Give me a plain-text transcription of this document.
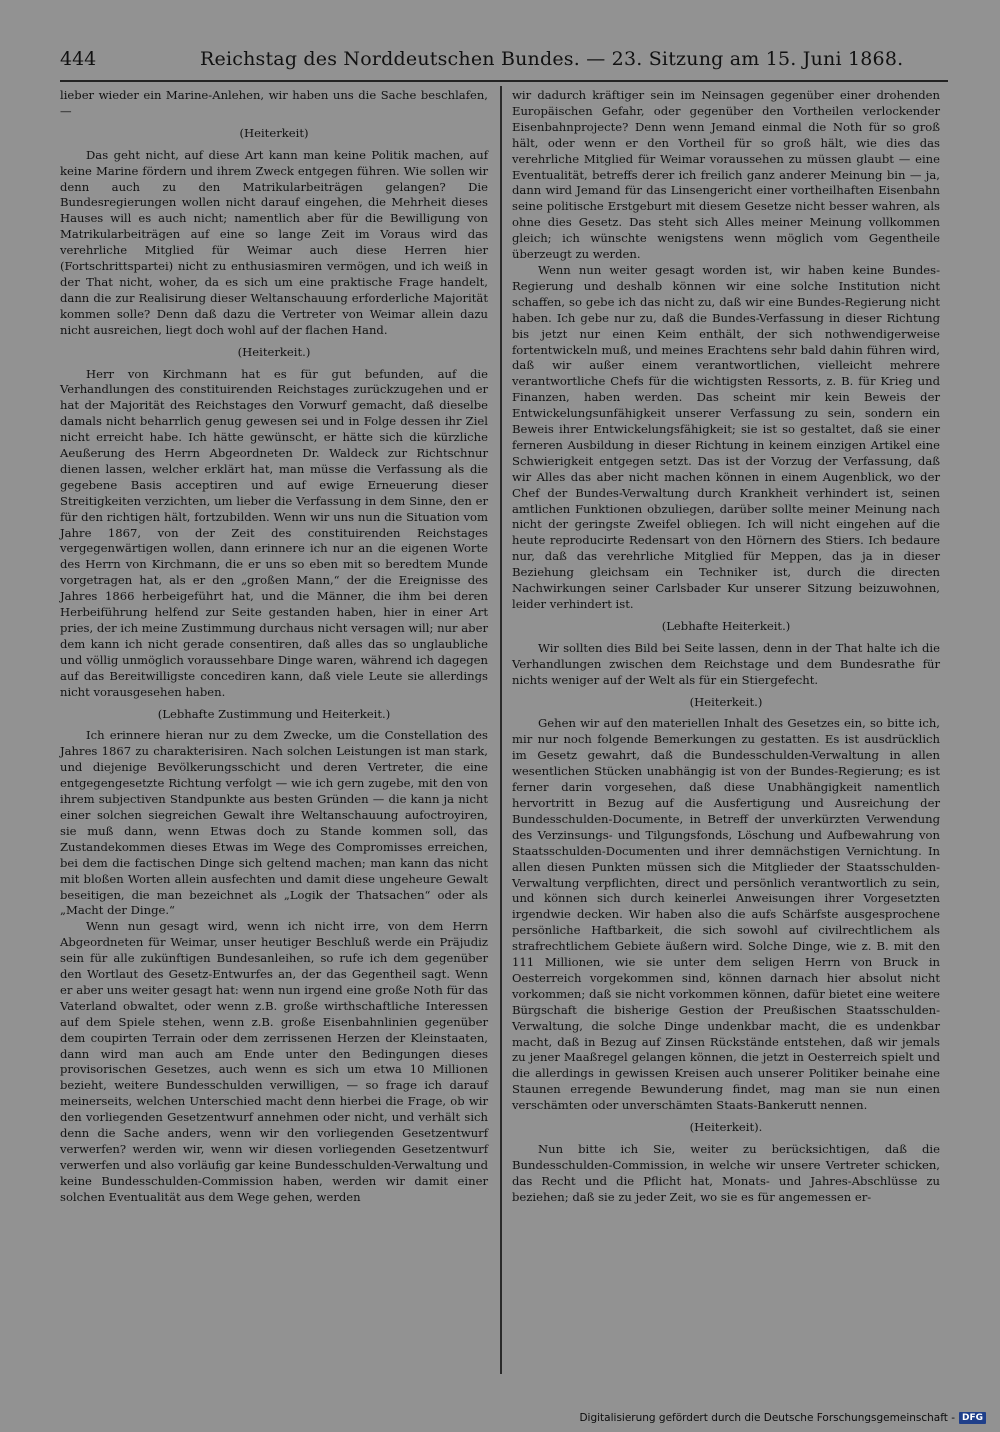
444	Reichstag des Norddeutschen Bundes. — 23. Sitzung am 15. Juni 1868.

lieber wieder ein Marine-Anlehen, wir haben uns die Sache beschlafen, —

(Heiterkeit)

Das geht nicht, auf diese Art kann man keine Politik machen, auf keine Marine fördern und ihrem Zweck entgegen führen. Wie sollen wir denn auch zu den Matrikularbeiträgen gelangen? Die Bundesregierungen wollen nicht darauf eingehen, die Mehrheit dieses Hauses will es auch nicht; namentlich aber für die Bewilligung von Matrikularbeiträgen auf eine so lange Zeit im Voraus wird das verehrliche Mitglied für Weimar auch diese Herren hier (Fortschrittspartei) nicht zu enthusiasmiren vermögen, und ich weiß in der That nicht, woher, da es sich um eine praktische Frage handelt, dann die zur Realisirung dieser Weltanschauung erforderliche Majorität kommen solle? Denn daß dazu die Vertreter von Weimar allein dazu nicht ausreichen, liegt doch wohl auf der flachen Hand.

(Heiterkeit.)

Herr von Kirchmann hat es für gut befunden, auf die Verhandlungen des constituirenden Reichstages zurückzugehen und er hat der Majorität des Reichstages den Vorwurf gemacht, daß dieselbe damals nicht beharrlich genug gewesen sei und in Folge dessen ihr Ziel nicht erreicht habe. Ich hätte gewünscht, er hätte sich die kürzliche Aeußerung des Herrn Abgeordneten Dr. Waldeck zur Richtschnur dienen lassen, welcher erklärt hat, man müsse die Verfassung als die gegebene Basis acceptiren und auf ewige Erneuerung dieser Streitigkeiten verzichten, um lieber die Verfassung in dem Sinne, den er für den richtigen hält, fortzubilden. Wenn wir uns nun die Situation vom Jahre 1867, von der Zeit des constituirenden Reichstages vergegenwärtigen wollen, dann erinnere ich nur an die eigenen Worte des Herrn von Kirchmann, die er uns so eben mit so beredtem Munde vorgetragen hat, als er den „großen Mann,“ der die Ereignisse des Jahres 1866 herbeigeführt hat, und die Männer, die ihm bei deren Herbeiführung helfend zur Seite gestanden haben, hier in einer Art pries, der ich meine Zustimmung durchaus nicht versagen will; nur aber dem kann ich nicht gerade consentiren, daß alles das so unglaubliche und völlig unmöglich voraussehbare Dinge waren, während ich dagegen auf das Bereitwilligste concediren kann, daß viele Leute sie allerdings nicht vorausgesehen haben.

(Lebhafte Zustimmung und Heiterkeit.)

Ich erinnere hieran nur zu dem Zwecke, um die Constellation des Jahres 1867 zu charakterisiren. Nach solchen Leistungen ist man stark, und diejenige Bevölkerungsschicht und deren Vertreter, die eine entgegengesetzte Richtung verfolgt — wie ich gern zugebe, mit den von ihrem subjectiven Standpunkte aus besten Gründen — die kann ja nicht einer solchen siegreichen Gewalt ihre Weltanschauung aufoctroyiren, sie muß dann, wenn Etwas doch zu Stande kommen soll, das Zustandekommen dieses Etwas im Wege des Compromisses erreichen, bei dem die factischen Dinge sich geltend machen; man kann das nicht mit bloßen Worten allein ausfechten und damit diese ungeheure Gewalt beseitigen, die man bezeichnet als „Logik der Thatsachen“ oder als „Macht der Dinge.“

Wenn nun gesagt wird, wenn ich nicht irre, von dem Herrn Abgeordneten für Weimar, unser heutiger Beschluß werde ein Präjudiz sein für alle zukünftigen Bundesanleihen, so rufe ich dem gegenüber den Wortlaut des Gesetz-Entwurfes an, der das Gegentheil sagt. Wenn er aber uns weiter gesagt hat: wenn nun irgend eine große Noth für das Vaterland obwaltet, oder wenn z.B. große wirthschaftliche Interessen auf dem Spiele stehen, wenn z.B. große Eisenbahnlinien gegenüber dem coupirten Terrain oder dem zerrissenen Herzen der Kleinstaaten, dann wird man auch am Ende unter den Bedingungen dieses provisorischen Gesetzes, auch wenn es sich um etwa 10 Millionen bezieht, weitere Bundesschulden verwilligen, — so frage ich darauf meinerseits, welchen Unterschied macht denn hierbei die Frage, ob wir den vorliegenden Gesetzentwurf annehmen oder nicht, und verhält sich denn die Sache anders, wenn wir den vorliegenden Gesetzentwurf verwerfen? werden wir, wenn wir diesen vorliegenden Gesetzentwurf verwerfen und also vorläufig gar keine Bundesschulden-Verwaltung und keine Bundesschulden-Commission haben, werden wir damit einer solchen Eventualität aus dem Wege gehen, werden

wir dadurch kräftiger sein im Neinsagen gegenüber einer drohenden Europäischen Gefahr, oder gegenüber den Vortheilen verlockender Eisenbahnprojecte? Denn wenn Jemand einmal die Noth für so groß hält, oder wenn er den Vortheil für so groß hält, wie dies das verehrliche Mitglied für Weimar voraussehen zu müssen glaubt — eine Eventualität, betreffs derer ich freilich ganz anderer Meinung bin — ja, dann wird Jemand für das Linsengericht einer vortheilhaften Eisenbahn seine politische Erstgeburt mit diesem Gesetze nicht besser wahren, als ohne dies Gesetz. Das steht sich Alles meiner Meinung vollkommen gleich; ich wünschte wenigstens wenn möglich vom Gegentheile überzeugt zu werden.

Wenn nun weiter gesagt worden ist, wir haben keine Bundes-Regierung und deshalb können wir eine solche Institution nicht schaffen, so gebe ich das nicht zu, daß wir eine Bundes-Regierung nicht haben. Ich gebe nur zu, daß die Bundes-Verfassung in dieser Richtung bis jetzt nur einen Keim enthält, der sich nothwendigerweise fortentwickeln muß, und meines Erachtens sehr bald dahin führen wird, daß wir außer einem verantwortlichen, vielleicht mehrere verantwortliche Chefs für die wichtigsten Ressorts, z. B. für Krieg und Finanzen, haben werden. Das scheint mir kein Beweis der Entwickelungsunfähigkeit unserer Verfassung zu sein, sondern ein Beweis ihrer Entwickelungsfähigkeit; sie ist so gestaltet, daß sie einer ferneren Ausbildung in dieser Richtung in keinem einzigen Artikel eine Schwierigkeit entgegen setzt. Das ist der Vorzug der Verfassung, daß wir Alles das aber nicht machen können in einem Augenblick, wo der Chef der Bundes-Verwaltung durch Krankheit verhindert ist, seinen amtlichen Funktionen obzuliegen, darüber sollte meiner Meinung nach nicht der geringste Zweifel obliegen. Ich will nicht eingehen auf die heute reproducirte Redensart von den Hörnern des Stiers. Ich bedaure nur, daß das verehrliche Mitglied für Meppen, das ja in dieser Beziehung gleichsam ein Techniker ist, durch die directen Nachwirkungen seiner Carlsbader Kur unserer Sitzung beizuwohnen, leider verhindert ist.

(Lebhafte Heiterkeit.)

Wir sollten dies Bild bei Seite lassen, denn in der That halte ich die Verhandlungen zwischen dem Reichstage und dem Bundesrathe für nichts weniger auf der Welt als für ein Stiergefecht.

(Heiterkeit.)

Gehen wir auf den materiellen Inhalt des Gesetzes ein, so bitte ich, mir nur noch folgende Bemerkungen zu gestatten. Es ist ausdrücklich im Gesetz gewahrt, daß die Bundesschulden-Verwaltung in allen wesentlichen Stücken unabhängig ist von der Bundes-Regierung; es ist ferner darin vorgesehen, daß diese Unabhängigkeit namentlich hervortritt in Bezug auf die Ausfertigung und Ausreichung der Bundesschulden-Documente, in Betreff der unverkürzten Verwendung des Verzinsungs- und Tilgungsfonds, Löschung und Aufbewahrung von Staatsschulden-Documenten und ihrer demnächstigen Vernichtung. In allen diesen Punkten müssen sich die Mitglieder der Staatsschulden-Verwaltung verpflichten, direct und persönlich verantwortlich zu sein, und können sich durch keinerlei Anweisungen ihrer Vorgesetzten irgendwie decken. Wir haben also die aufs Schärfste ausgesprochene persönliche Haftbarkeit, die sich sowohl auf civilrechtlichem als strafrechtlichem Gebiete äußern wird. Solche Dinge, wie z. B. mit den 111 Millionen, wie sie unter dem seligen Herrn von Bruck in Oesterreich vorgekommen sind, können darnach hier absolut nicht vorkommen; daß sie nicht vorkommen können, dafür bietet eine weitere Bürgschaft die bisherige Gestion der Preußischen Staatsschulden-Verwaltung, die solche Dinge undenkbar macht, die es undenkbar macht, daß in Bezug auf Zinsen Rückstände entstehen, daß wir jemals zu jener Maaßregel gelangen können, die jetzt in Oesterreich spielt und die allerdings in gewissen Kreisen auch unserer Politiker beinahe eine Staunen erregende Bewunderung findet, mag man sie nun einen verschämten oder unverschämten Staats-Bankerutt nennen.

(Heiterkeit).

Nun bitte ich Sie, weiter zu berücksichtigen, daß die Bundesschulden-Commission, in welche wir unsere Vertreter schicken, das Recht und die Pflicht hat, Monats- und Jahres-Abschlüsse zu beziehen; daß sie zu jeder Zeit, wo sie es für angemessen er-

Digitalisierung gefördert durch die Deutsche Forschungsgemeinschaft - DFG
